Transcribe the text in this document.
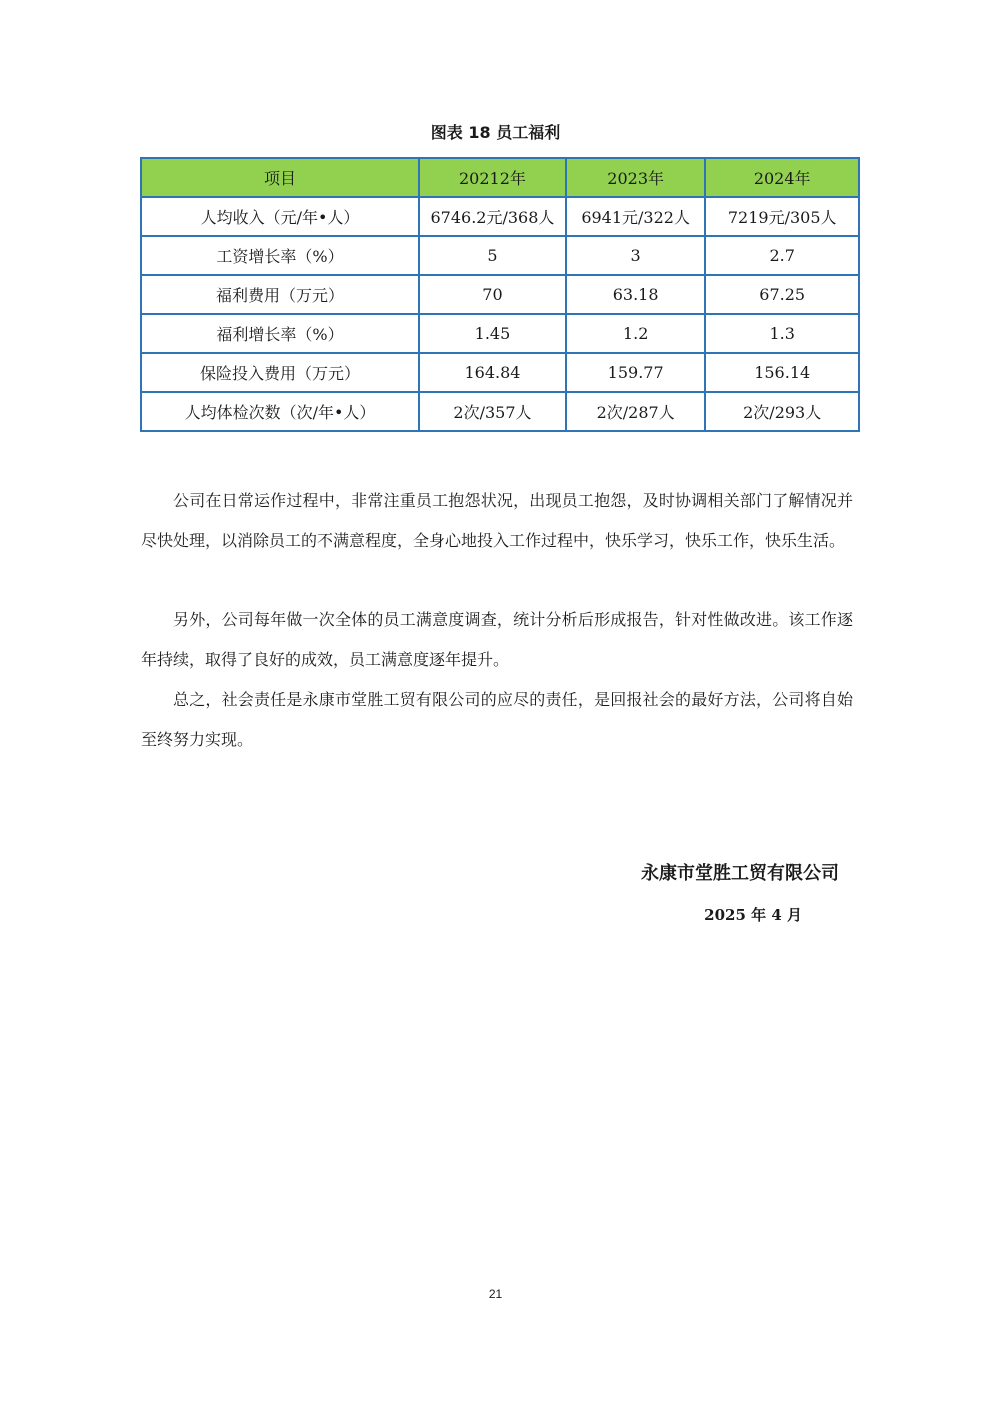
图表 18 员工福利
项目	20212年	2023年	2024年
人均收入（元/年•人）	6746.2元/368人	6941元/322人	7219元/305人
工资增长率（%）	5	3	2.7
福利费用（万元）	70	63.18	67.25
福利增长率（%）	1.45	1.2	1.3
保险投入费用（万元）	164.84	159.77	156.14
人均体检次数（次/年•人）	2次/357人	2次/287人	2次/293人

公司在日常运作过程中，非常注重员工抱怨状况，出现员工抱怨，及时协调相关部门了解情况并尽快处理，以消除员工的不满意程度，全身心地投入工作过程中，快乐学习，快乐工作，快乐生活。

另外，公司每年做一次全体的员工满意度调查，统计分析后形成报告，针对性做改进。该工作逐年持续，取得了良好的成效，员工满意度逐年提升。

总之，社会责任是永康市堂胜工贸有限公司的应尽的责任，是回报社会的最好方法，公司将自始至终努力实现。

永康市堂胜工贸有限公司
2025 年 4 月
21
